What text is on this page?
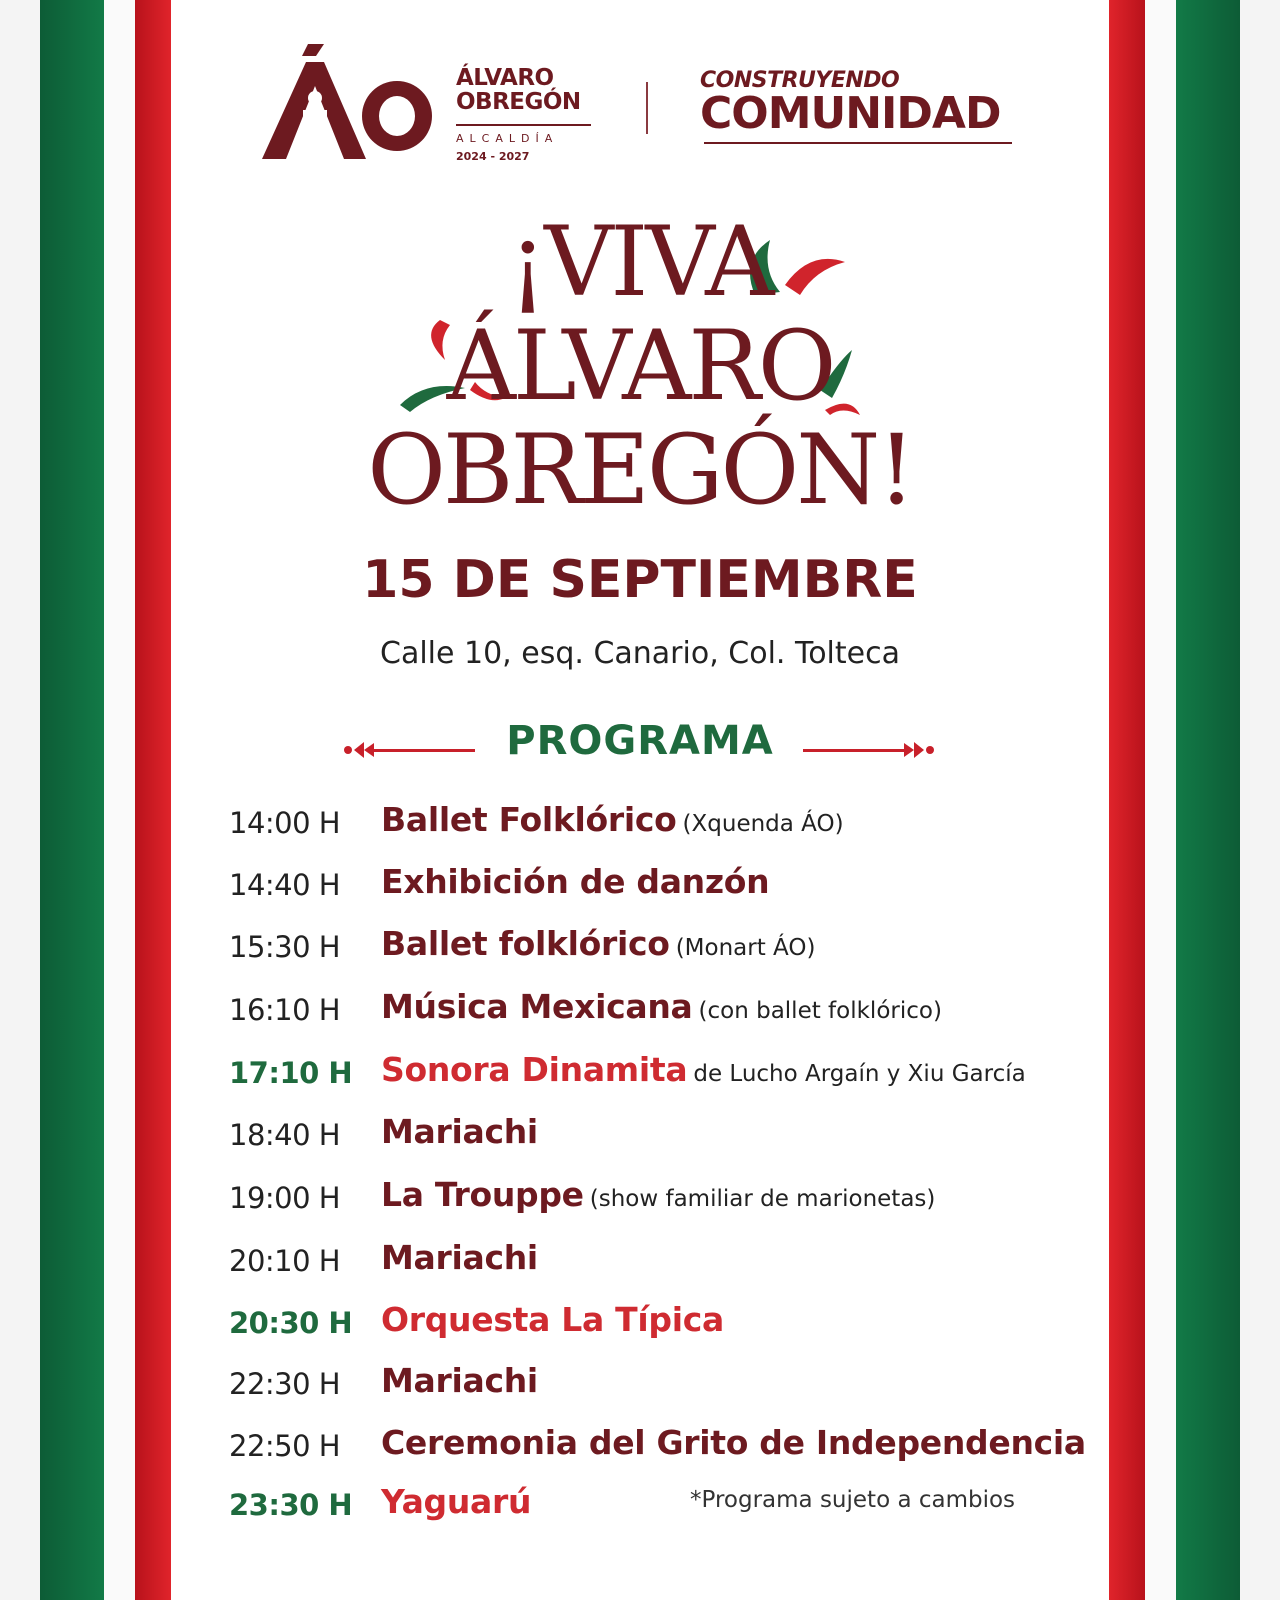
ÁLVARO
OBREGÓN
ALCALDÍA
2024 - 2027
CONSTRUYENDO
COMUNIDAD
¡VIVA
ÁLVARO
OBREGÓN!
15 DE SEPTIEMBRE
Calle 10, esq. Canario, Col. Tolteca
PROGRAMA
14:00 H Ballet Folklórico (Xquenda ÁO)
14:40 H Exhibición de danzón
15:30 H Ballet folklórico (Monart ÁO)
16:10 H Música Mexicana (con ballet folklórico)
17:10 H Sonora Dinamita de Lucho Argaín y Xiu García
18:40 H Mariachi
19:00 H La Trouppe (show familiar de marionetas)
20:10 H Mariachi
20:30 H Orquesta La Típica
22:30 H Mariachi
22:50 H Ceremonia del Grito de Independencia
23:30 H Yaguarú	*Programa sujeto a cambios
